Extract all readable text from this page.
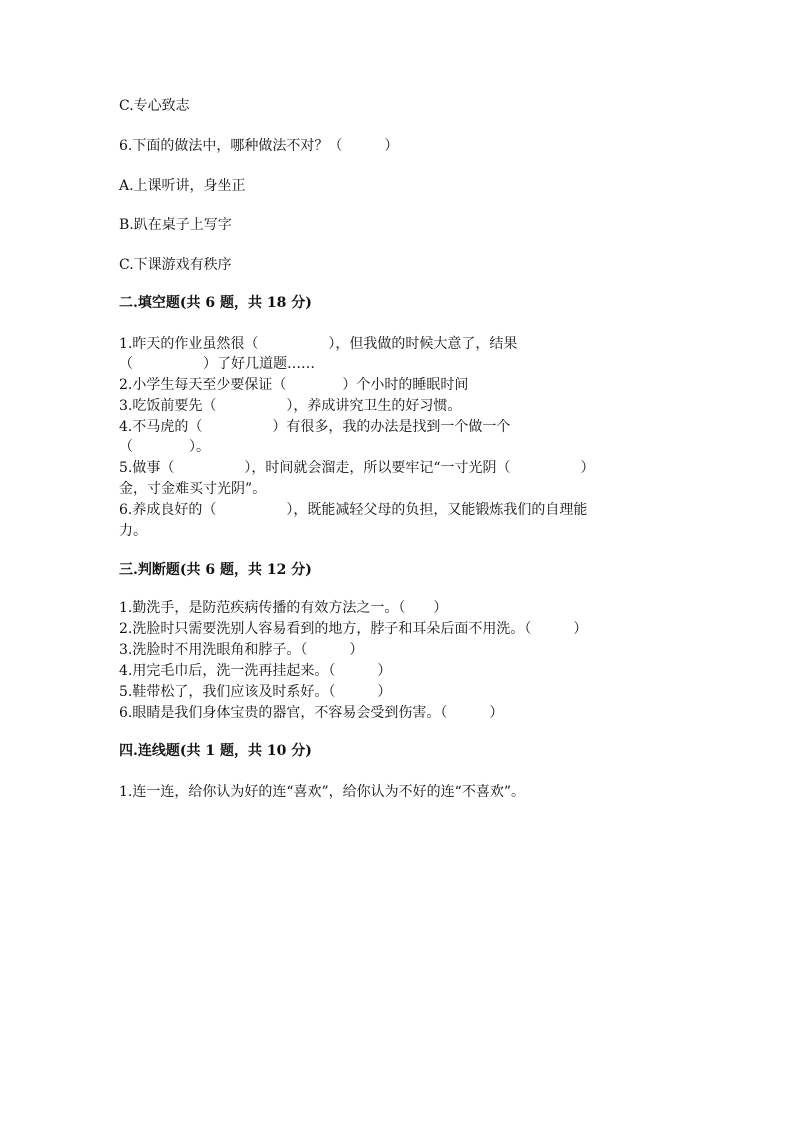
C.专心致志
6.下面的做法中，哪种做法不对？（　　　）
A.上课听讲，身坐正
B.趴在桌子上写字
C.下课游戏有秩序
二.填空题(共 6 题，共 18 分)
1.昨天的作业虽然很（　　　　　），但我做的时候大意了，结果
（　　　　　）了好几道题……
2.小学生每天至少要保证（　　　　）个小时的睡眠时间
3.吃饭前要先（　　　　　），养成讲究卫生的好习惯。
4.不马虎的（　　　　　）有很多，我的办法是找到一个做一个
（　　　　）。
5.做事（　　　　　），时间就会溜走，所以要牢记“一寸光阴（　　　　　）
金，寸金难买寸光阴”。
6.养成良好的（　　　　　），既能减轻父母的负担，又能锻炼我们的自理能
力。
三.判断题(共 6 题，共 12 分)
1.勤洗手，是防范疾病传播的有效方法之一。（　　）
2.洗脸时只需要洗别人容易看到的地方，脖子和耳朵后面不用洗。（　　　）
3.洗脸时不用洗眼角和脖子。（　　　）
4.用完毛巾后，洗一洗再挂起来。（　　　）
5.鞋带松了，我们应该及时系好。（　　　）
6.眼睛是我们身体宝贵的器官，不容易会受到伤害。（　　　）
四.连线题(共 1 题，共 10 分)
1.连一连，给你认为好的连“喜欢”，给你认为不好的连“不喜欢”。
